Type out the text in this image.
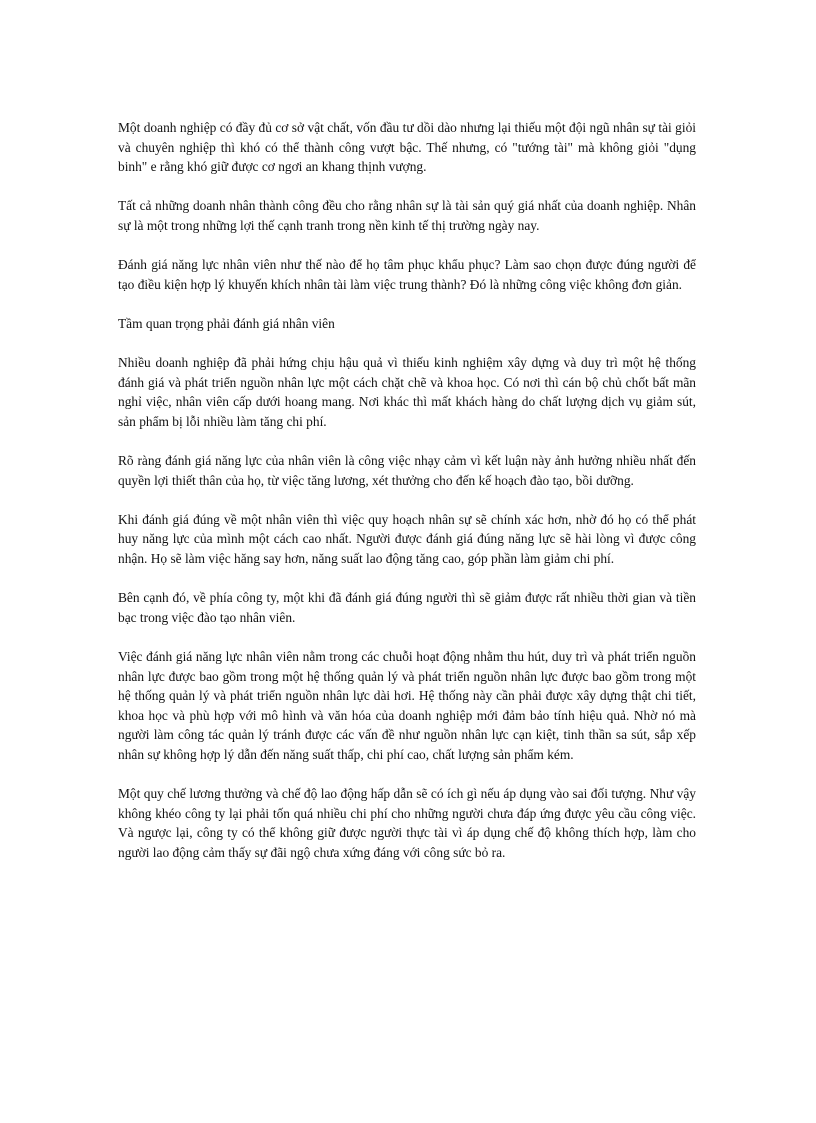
Một doanh nghiệp có đầy đủ cơ sở vật chất, vốn đầu tư dồi dào nhưng lại thiếu một đội ngũ nhân sự tài giỏi và chuyên nghiệp thì khó có thể thành công vượt bậc. Thế nhưng, có "tướng tài" mà không giỏi "dụng binh" e rằng khó giữ được cơ ngơi an khang thịnh vượng.

Tất cả những doanh nhân thành công đều cho rằng nhân sự là tài sản quý giá nhất của doanh nghiệp. Nhân sự là một trong những lợi thế cạnh tranh trong nền kinh tế thị trường ngày nay.

Đánh giá năng lực nhân viên như thế nào để họ tâm phục khẩu phục? Làm sao chọn được đúng người để tạo điều kiện hợp lý khuyến khích nhân tài làm việc trung thành? Đó là những công việc không đơn giản.

Tầm quan trọng phải đánh giá nhân viên

Nhiều doanh nghiệp đã phải hứng chịu hậu quả vì thiếu kinh nghiệm xây dựng và duy trì một hệ thống đánh giá và phát triển nguồn nhân lực một cách chặt chẽ và khoa học. Có nơi thì cán bộ chủ chốt bất mãn nghỉ việc, nhân viên cấp dưới hoang mang. Nơi khác thì mất khách hàng do chất lượng dịch vụ giảm sút, sản phẩm bị lỗi nhiều làm tăng chi phí.

Rõ ràng đánh giá năng lực của nhân viên là công việc nhạy cảm vì kết luận này ảnh hưởng nhiều nhất đến quyền lợi thiết thân của họ, từ việc tăng lương, xét thưởng cho đến kế hoạch đào tạo, bồi dưỡng.

Khi đánh giá đúng về một nhân viên thì việc quy hoạch nhân sự sẽ chính xác hơn, nhờ đó họ có thể phát huy năng lực của mình một cách cao nhất. Người được đánh giá đúng năng lực sẽ hài lòng vì được công nhận. Họ sẽ làm việc hăng say hơn, năng suất lao động tăng cao, góp phần làm giảm chi phí.

Bên cạnh đó, về phía công ty, một khi đã đánh giá đúng người thì sẽ giảm được rất nhiều thời gian và tiền bạc trong việc đào tạo nhân viên.

Việc đánh giá năng lực nhân viên nằm trong các chuỗi hoạt động nhằm thu hút, duy trì và phát triển nguồn nhân lực được bao gồm trong một hệ thống quản lý và phát triển nguồn nhân lực được bao gồm trong một hệ thống quản lý và phát triển nguồn nhân lực dài hơi. Hệ thống này cần phải được xây dựng thật chi tiết, khoa học và phù hợp với mô hình và văn hóa của doanh nghiệp mới đảm bảo tính hiệu quả. Nhờ nó mà người làm công tác quản lý tránh được các vấn đề như nguồn nhân lực cạn kiệt, tinh thần sa sút, sắp xếp nhân sự không hợp lý dẫn đến năng suất thấp, chi phí cao, chất lượng sản phẩm kém.

Một quy chế lương thưởng và chế độ lao động hấp dẫn sẽ có ích gì nếu áp dụng vào sai đối tượng. Như vậy không khéo công ty lại phải tốn quá nhiều chi phí cho những người chưa đáp ứng được yêu cầu công việc. Và ngược lại, công ty có thể không giữ được người thực tài vì áp dụng chế độ không thích hợp, làm cho người lao động cảm thấy sự đãi ngộ chưa xứng đáng với công sức bỏ ra.
